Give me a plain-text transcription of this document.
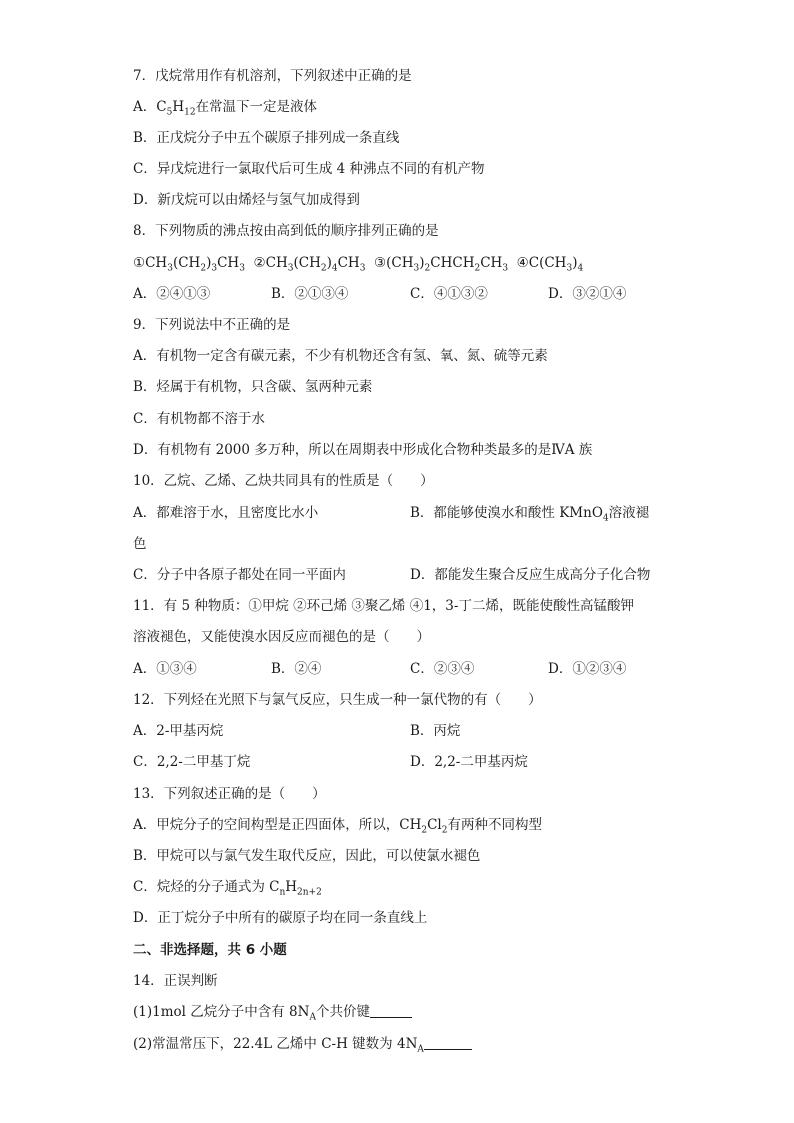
7．戊烷常用作有机溶剂，下列叙述中正确的是
A．$C_5H_{12}$在常温下一定是液体
B．正戊烷分子中五个碳原子排列成一条直线
C．异戊烷进行一氯取代后可生成 4 种沸点不同的有机产物
D．新戊烷可以由烯烃与氢气加成得到
8．下列物质的沸点按由高到低的顺序排列正确的是
$①CH_3(CH_2)_3CH_3$ $②CH_3(CH_2)_4CH_3$ $③(CH_3)_2CHCH_2CH_3$ $④C(CH_3)_4$
A．②④①③	B．②①③④	C．④①③②	D．③②①④
9．下列说法中不正确的是
A．有机物一定含有碳元素，不少有机物还含有氢、氧、氮、硫等元素
B．烃属于有机物，只含碳、氢两种元素
C．有机物都不溶于水
D．有机物有 2000 多万种，所以在周期表中形成化合物种类最多的是ⅣA 族
10．乙烷、乙烯、乙炔共同具有的性质是（　　）
A．都难溶于水，且密度比水小	B．都能够使溴水和酸性 KMnO$_4$溶液褪
色
C．分子中各原子都处在同一平面内	D．都能发生聚合反应生成高分子化合物
11．有 5 种物质：①甲烷 ②环己烯 ③聚乙烯 ④1，3-丁二烯，既能使酸性高锰酸钾
溶液褪色，又能使溴水因反应而褪色的是（　　）
A．①③④	B．②④	C．②③④	D．①②③④
12．下列烃在光照下与氯气反应，只生成一种一氯代物的有（　　）
A．2-甲基丙烷	B．丙烷
C．2,2-二甲基丁烷	D．2,2-二甲基丙烷
13．下列叙述正确的是（　　）
A．甲烷分子的空间构型是正四面体，所以，$CH_2Cl_2$有两种不同构型
B．甲烷可以与氯气发生取代反应，因此，可以使氯水褪色
C．烷烃的分子通式为 $C_nH_{2n+2}$
D．正丁烷分子中所有的碳原子均在同一条直线上
二、非选择题，共 6 小题
14．正误判断
(1)1mol 乙烷分子中含有 $8N_A$个共价键
(2)常温常压下，22.4L 乙烯中 C-H 键数为 $4N_A$
